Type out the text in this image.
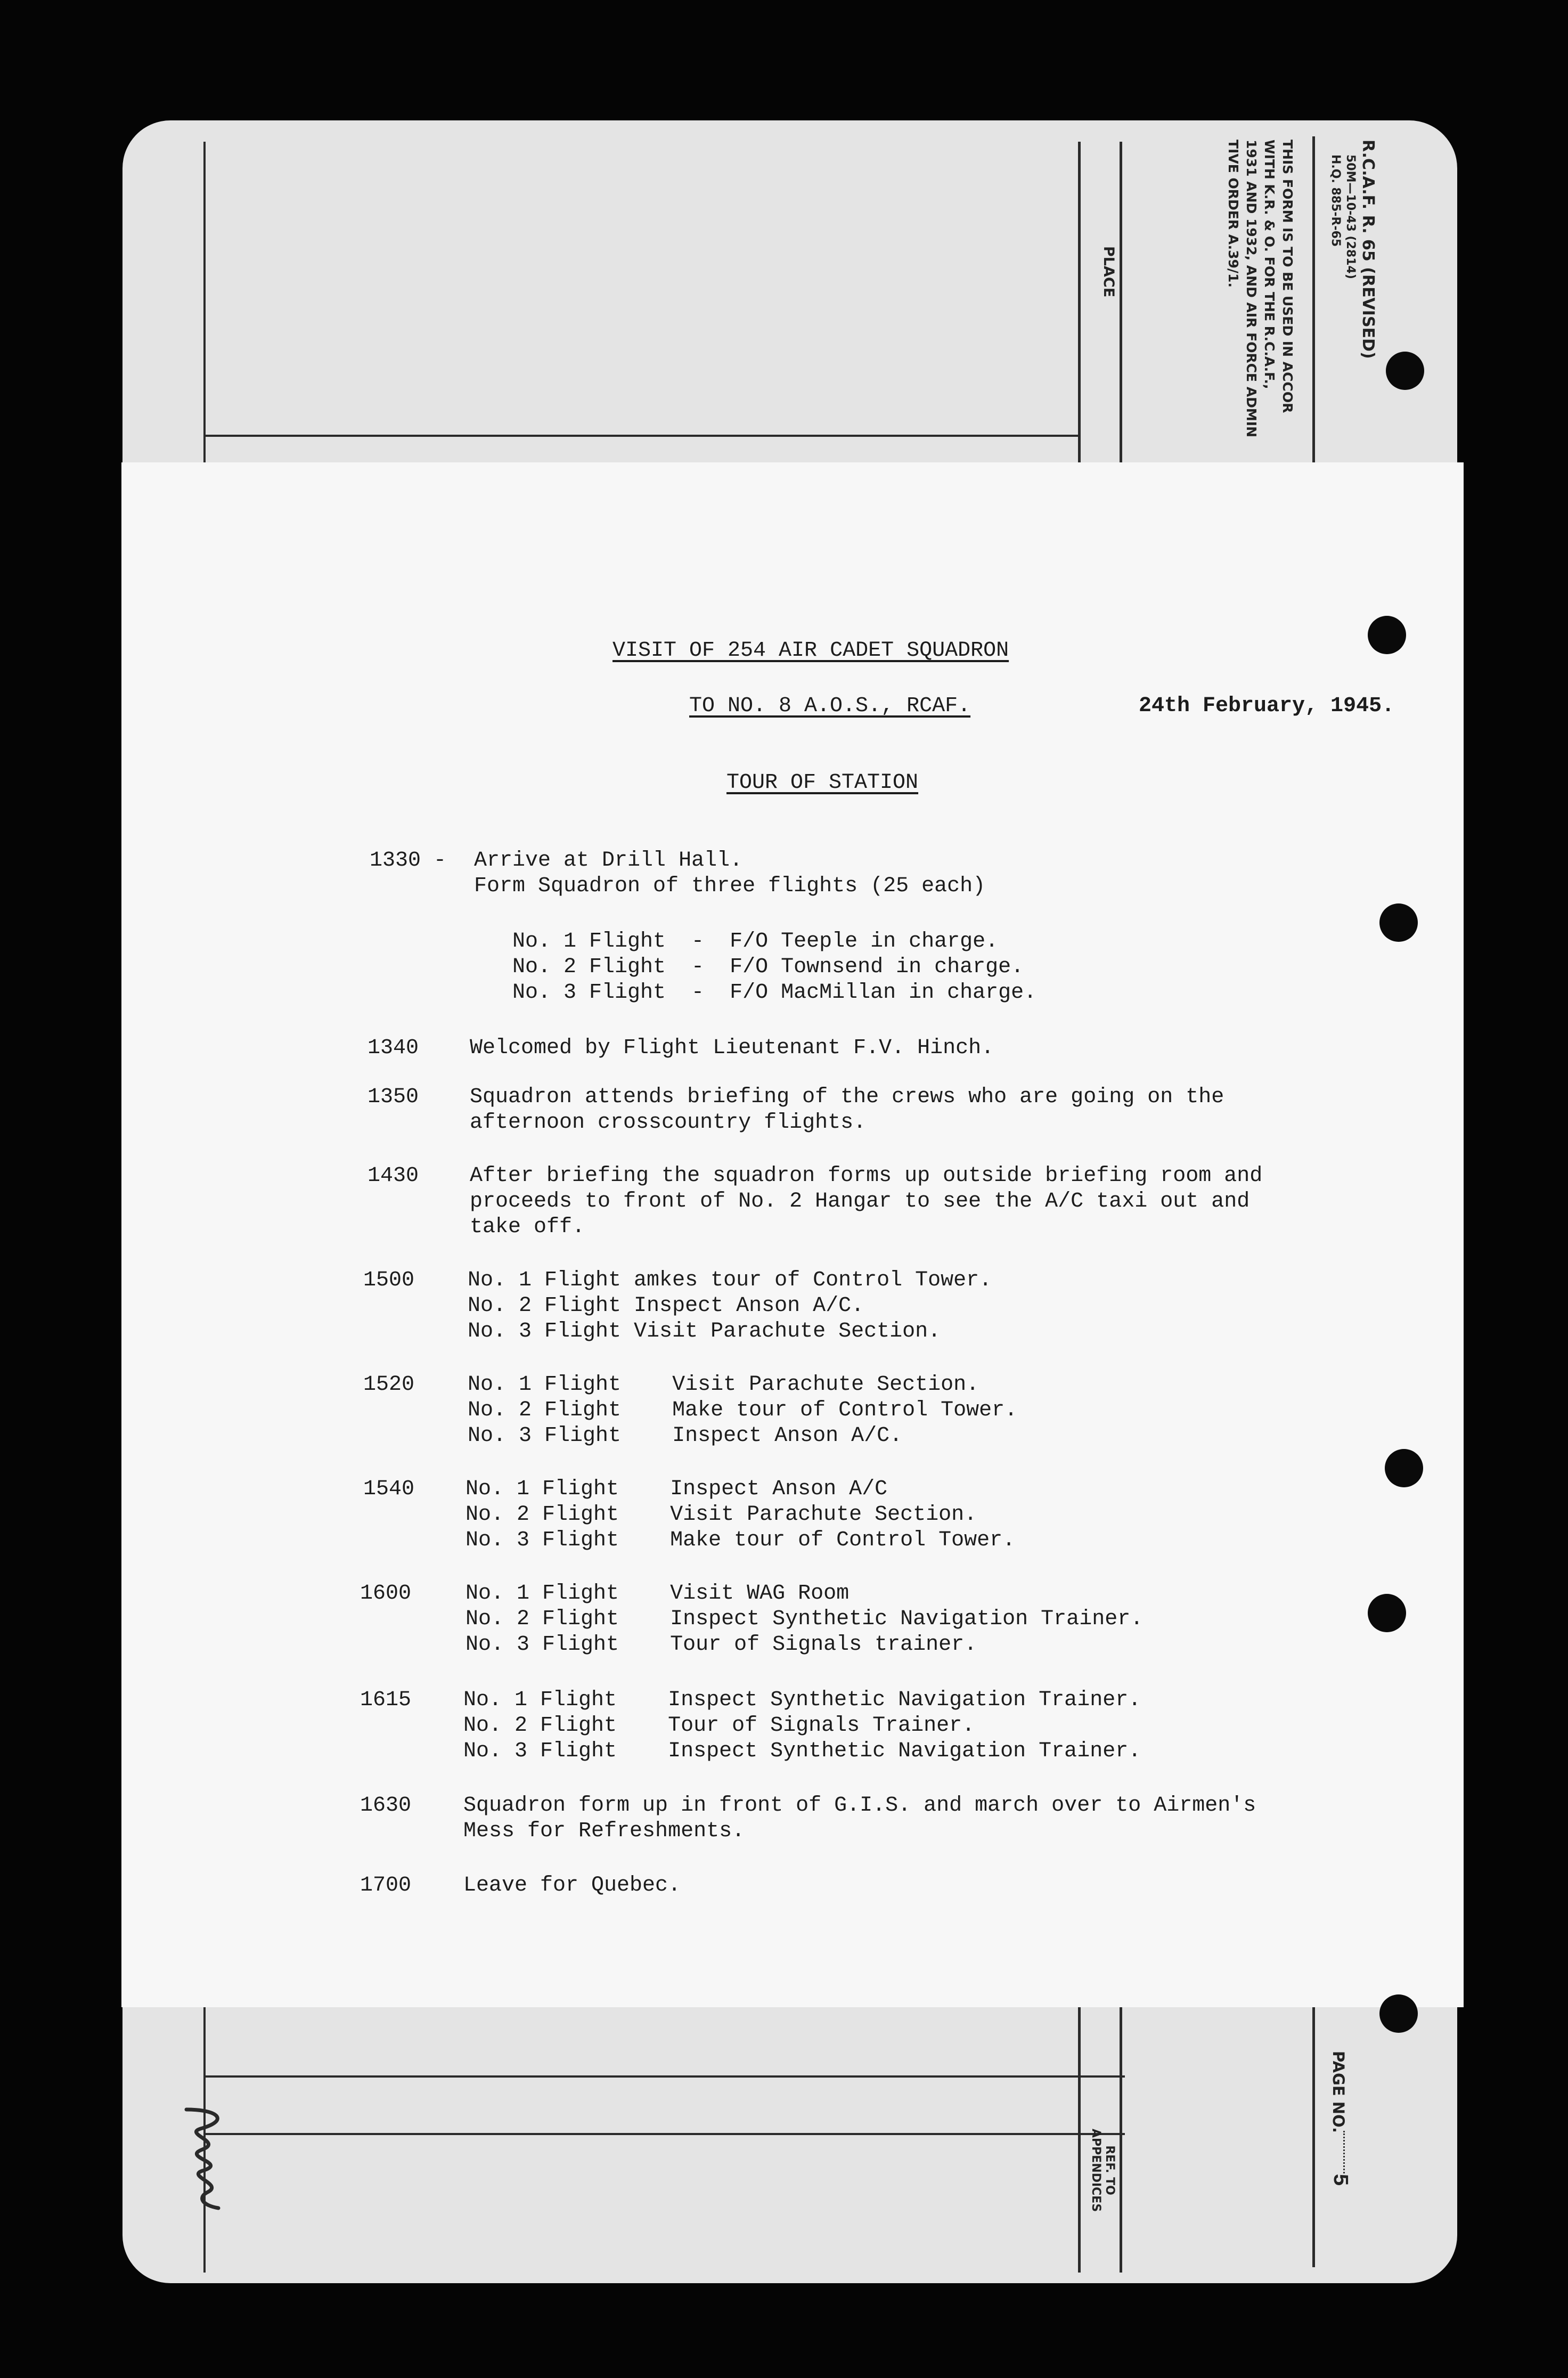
R.C.A.F. R. 65 (REVISED)
50M—10-43 (2814)
H.Q. 885-R-65
THIS FORM IS TO BE USED IN ACCOR
WITH K.R. & O. FOR THE R.C.A.F.,
1931 AND 1932, AND AIR FORCE ADMIN
TIVE ORDER A.39/1.
PLACE
REF. TO
APPENDICES
PAGE NO.
5
VISIT OF 254 AIR CADET SQUADRON
TO NO. 8 A.O.S., RCAF.	24th February, 1945.
TOUR OF STATION
1330 - Arrive at Drill Hall.
Form Squadron of three flights (25 each)
No. 1 Flight  -  F/O Teeple in charge.
No. 2 Flight  -  F/O Townsend in charge.
No. 3 Flight  -  F/O MacMillan in charge.
1340 Welcomed by Flight Lieutenant F.V. Hinch.
1350 Squadron attends briefing of the crews who are going on the
afternoon crosscountry flights.
1430 After briefing the squadron forms up outside briefing room and
proceeds to front of No. 2 Hangar to see the A/C taxi out and
take off.
1500 No. 1 Flight amkes tour of Control Tower.
No. 2 Flight Inspect Anson A/C.
No. 3 Flight Visit Parachute Section.
1520 No. 1 Flight    Visit Parachute Section.
No. 2 Flight    Make tour of Control Tower.
No. 3 Flight    Inspect Anson A/C.
1540 No. 1 Flight    Inspect Anson A/C
No. 2 Flight    Visit Parachute Section.
No. 3 Flight    Make tour of Control Tower.
1600	No. 1 Flight    Visit WAG Room
No. 2 Flight    Inspect Synthetic Navigation Trainer.
No. 3 Flight    Tour of Signals trainer.
1615 No. 1 Flight    Inspect Synthetic Navigation Trainer.
No. 2 Flight    Tour of Signals Trainer.
No. 3 Flight    Inspect Synthetic Navigation Trainer.
1630 Squadron form up in front of G.I.S. and march over to Airmen's
Mess for Refreshments.
1700 Leave for Quebec.
